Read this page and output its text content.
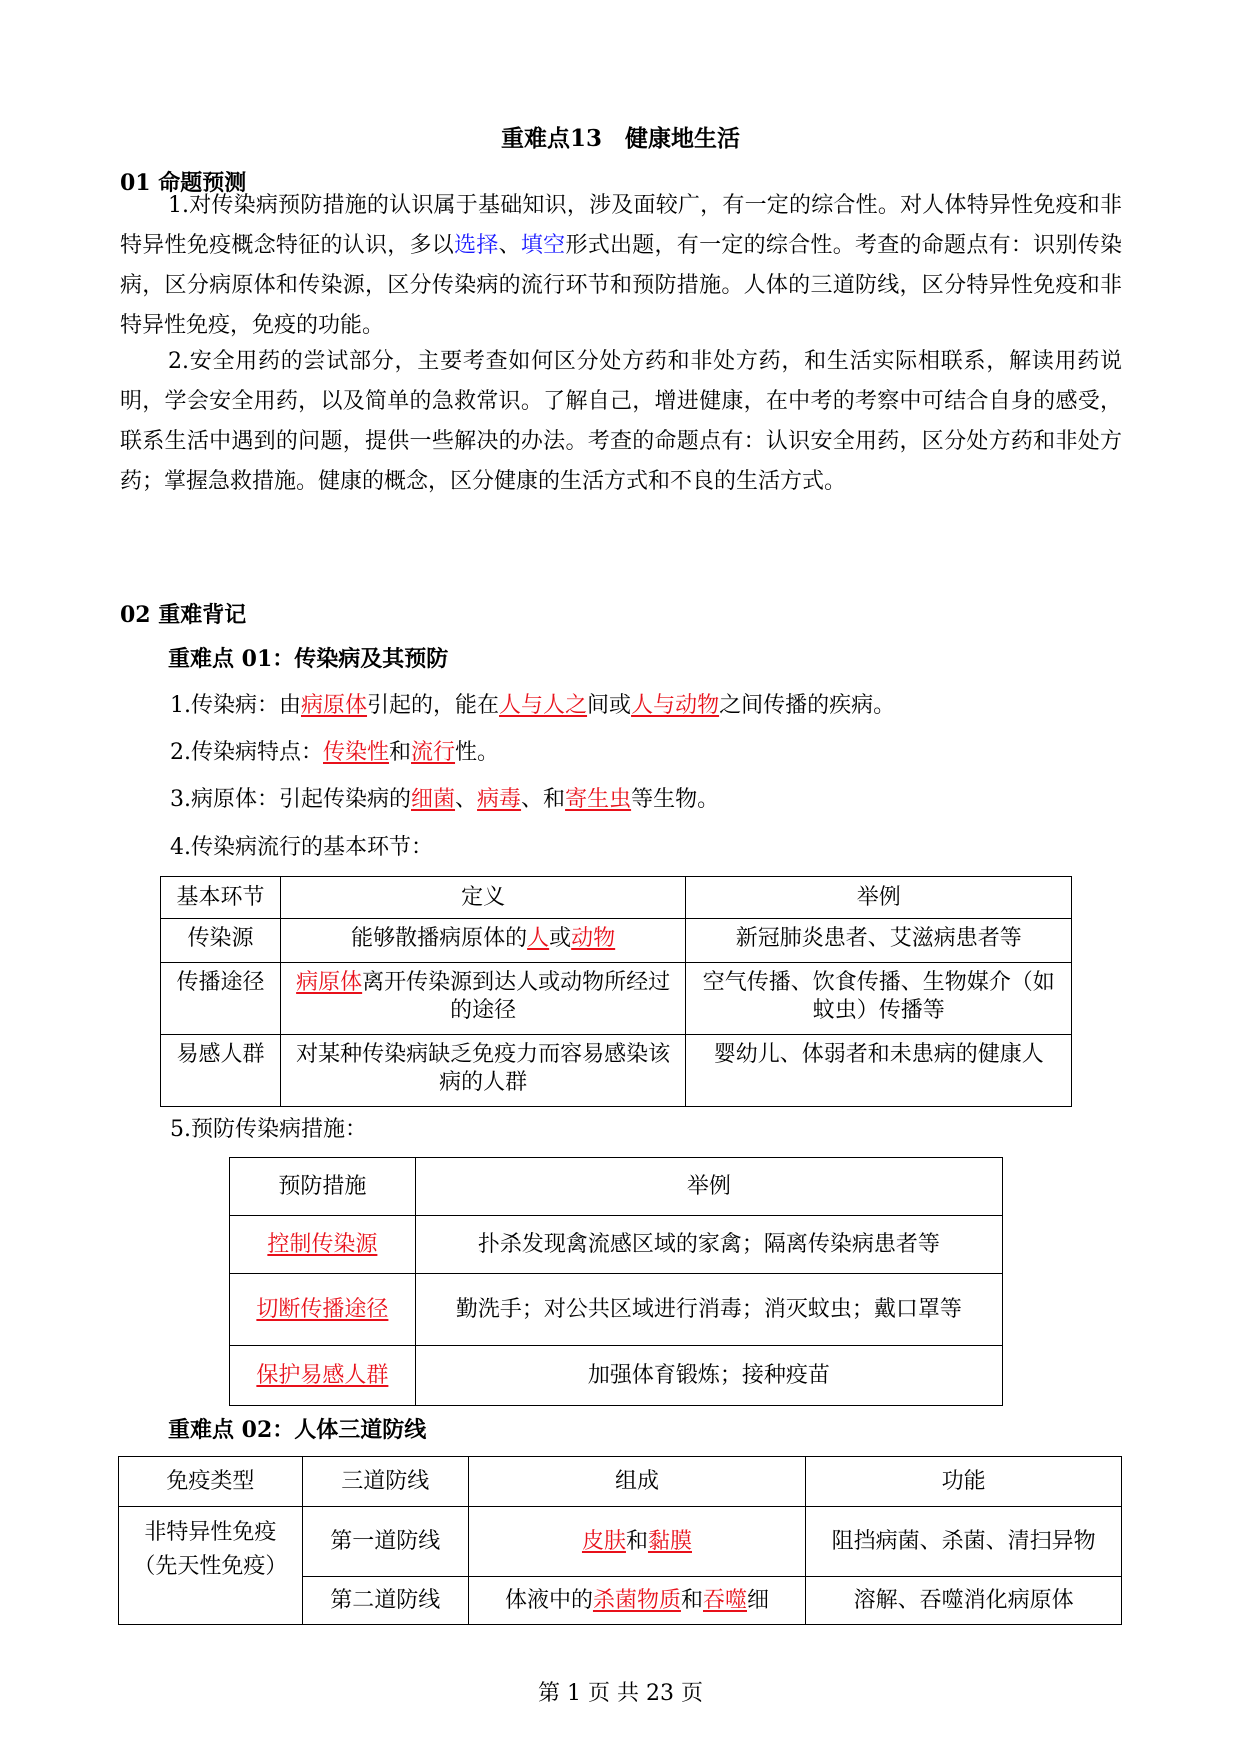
重难点13　健康地生活
01 命题预测
1.对传染病预防措施的认识属于基础知识，涉及面较广，有一定的综合性。对人体特异性免疫和非特异性免疫概念特征的认识，多以选择、填空形式出题，有一定的综合性。考查的命题点有：识别传染病，区分病原体和传染源，区分传染病的流行环节和预防措施。人体的三道防线，区分特异性免疫和非特异性免疫，免疫的功能。
2.安全用药的尝试部分，主要考查如何区分处方药和非处方药，和生活实际相联系，解读用药说明，学会安全用药，以及简单的急救常识。了解自己，增进健康，在中考的考察中可结合自身的感受，联系生活中遇到的问题，提供一些解决的办法。考查的命题点有：认识安全用药，区分处方药和非处方药；掌握急救措施。健康的概念，区分健康的生活方式和不良的生活方式。
02 重难背记
重难点 01：传染病及其预防
1.传染病：由病原体引起的，能在人与人之间或人与动物之间传播的疾病。
2.传染病特点：传染性和流行性。
3.病原体：引起传染病的细菌、病毒、和寄生虫等生物。
4.传染病流行的基本环节：
基本环节	定义	举例
传染源	能够散播病原体的人或动物	新冠肺炎患者、艾滋病患者等
传播途径	病原体离开传染源到达人或动物所经过的途径	空气传播、饮食传播、生物媒介（如蚊虫）传播等
易感人群	对某种传染病缺乏免疫力而容易感染该病的人群	婴幼儿、体弱者和未患病的健康人
5.预防传染病措施：
预防措施	举例
控制传染源	扑杀发现禽流感区域的家禽；隔离传染病患者等
切断传播途径	勤洗手；对公共区域进行消毒；消灭蚊虫；戴口罩等
保护易感人群	加强体育锻炼；接种疫苗
重难点 02：人体三道防线
免疫类型	三道防线	组成	功能

非特异性免疫
（先天性免疫）	第一道防线	皮肤和黏膜	阻挡病菌、杀菌、清扫异物
	第二道防线	体液中的杀菌物质和吞噬细	溶解、吞噬消化病原体
第 1 页 共 23 页
